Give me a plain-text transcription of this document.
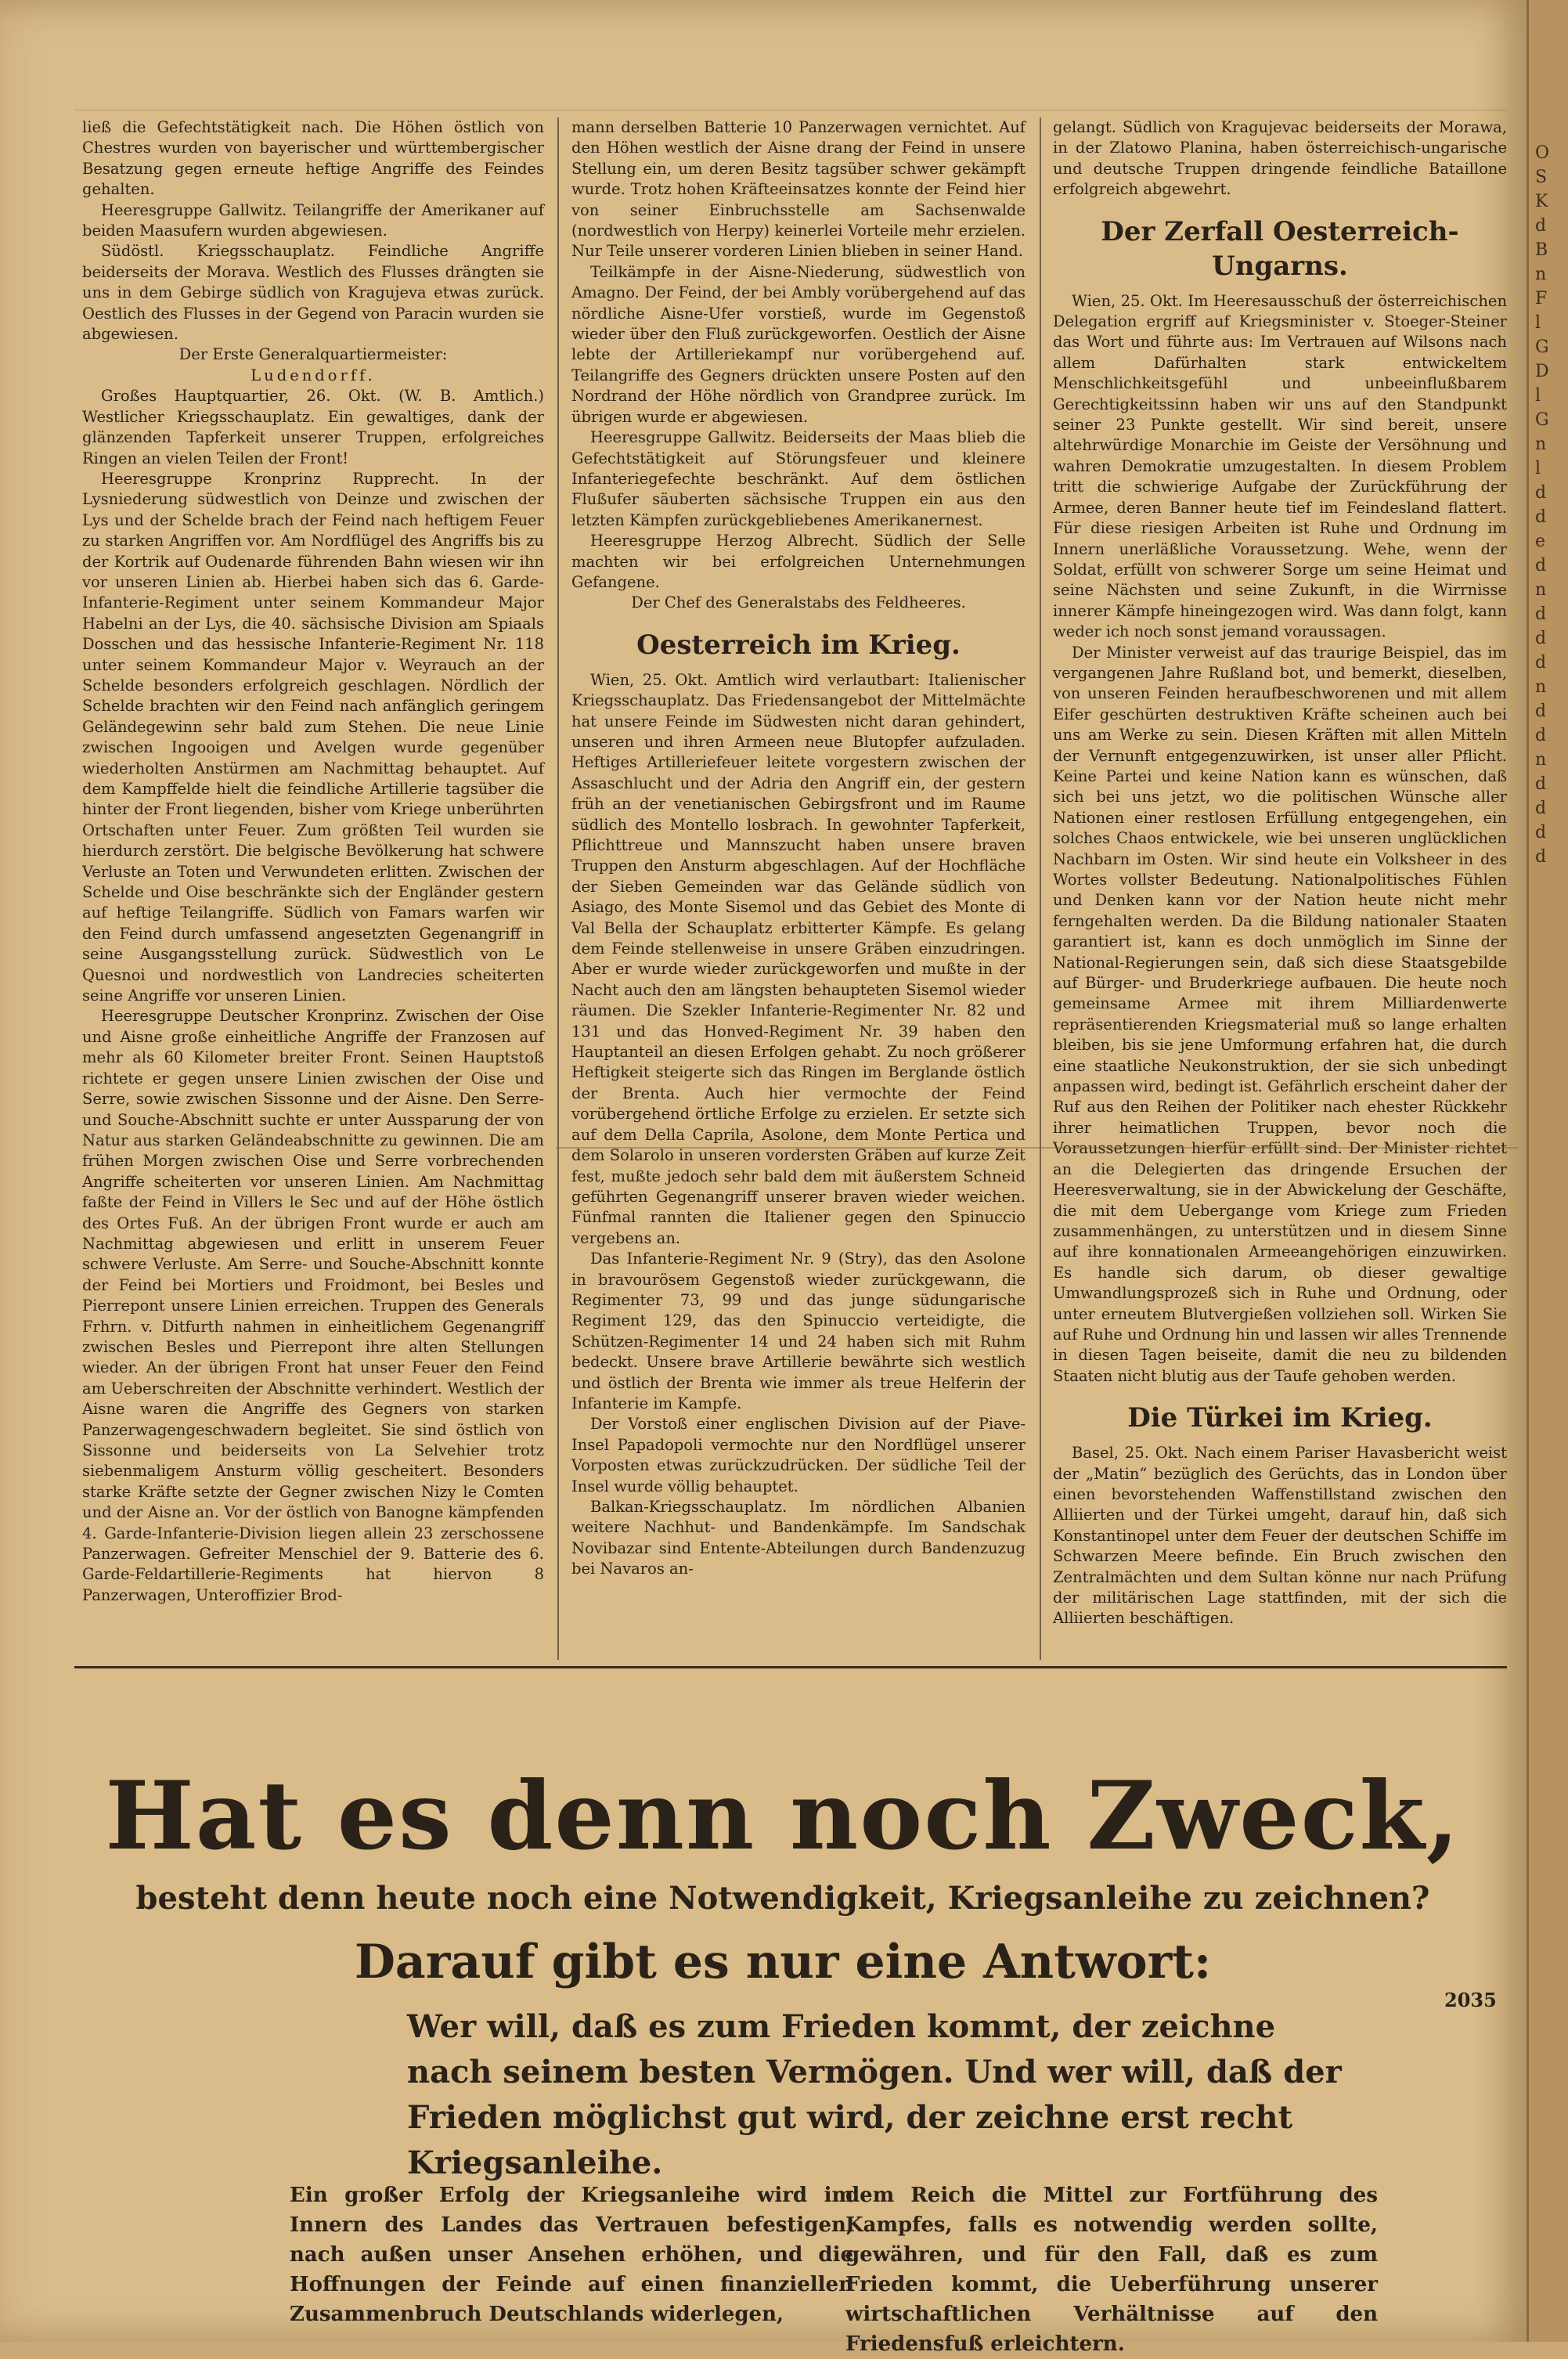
ließ die Gefechtstätigkeit nach. Die Höhen östlich von Chestres wurden von bayerischer und württembergischer Besatzung gegen erneute heftige Angriffe des Feindes gehalten.

Heeresgruppe Gallwitz. Teilangriffe der Amerikaner auf beiden Maasufern wurden abgewiesen.

Südöstl. Kriegsschauplatz. Feindliche Angriffe beiderseits der Morava. Westlich des Flusses drängten sie uns in dem Gebirge südlich von Kragujeva etwas zurück. Oestlich des Flusses in der Gegend von Paracin wurden sie abgewiesen.

Der Erste Generalquartiermeister:

Ludendorff.

Großes Hauptquartier, 26. Okt. (W. B. Amtlich.) Westlicher Kriegsschauplatz. Ein gewaltiges, dank der glänzenden Tapferkeit unserer Truppen, erfolgreiches Ringen an vielen Teilen der Front!

Heeresgruppe Kronprinz Rupprecht. In der Lysniederung südwestlich von Deinze und zwischen der Lys und der Schelde brach der Feind nach heftigem Feuer zu starken Angriffen vor. Am Nordflügel des Angriffs bis zu der Kortrik auf Oudenarde führenden Bahn wiesen wir ihn vor unseren Linien ab. Hierbei haben sich das 6. Garde-Infanterie-Regiment unter seinem Kommandeur Major Habelni an der Lys, die 40. sächsische Division am Spiaals Dosschen und das hessische Infanterie-Regiment Nr. 118 unter seinem Kommandeur Major v. Weyrauch an der Schelde besonders erfolgreich geschlagen. Nördlich der Schelde brachten wir den Feind nach anfänglich geringem Geländegewinn sehr bald zum Stehen. Die neue Linie zwischen Ingooigen und Avelgen wurde gegenüber wiederholten Anstürmen am Nachmittag behauptet. Auf dem Kampffelde hielt die feindliche Artillerie tagsüber die hinter der Front liegenden, bisher vom Kriege unberührten Ortschaften unter Feuer. Zum größten Teil wurden sie hierdurch zerstört. Die belgische Bevölkerung hat schwere Verluste an Toten und Verwundeten erlitten. Zwischen der Schelde und Oise beschränkte sich der Engländer gestern auf heftige Teilangriffe. Südlich von Famars warfen wir den Feind durch umfassend angesetzten Gegenangriff in seine Ausgangsstellung zurück. Südwestlich von Le Quesnoi und nordwestlich von Landrecies scheiterten seine Angriffe vor unseren Linien.

Heeresgruppe Deutscher Kronprinz. Zwischen der Oise und Aisne große einheitliche Angriffe der Franzosen auf mehr als 60 Kilometer breiter Front. Seinen Hauptstoß richtete er gegen unsere Linien zwischen der Oise und Serre, sowie zwischen Sissonne und der Aisne. Den Serre- und Souche-Abschnitt suchte er unter Aussparung der von Natur aus starken Geländeabschnitte zu gewinnen. Die am frühen Morgen zwischen Oise und Serre vorbrechenden Angriffe scheiterten vor unseren Linien. Am Nachmittag faßte der Feind in Villers le Sec und auf der Höhe östlich des Ortes Fuß. An der übrigen Front wurde er auch am Nachmittag abgewiesen und erlitt in unserem Feuer schwere Verluste. Am Serre- und Souche-Abschnitt konnte der Feind bei Mortiers und Froidmont, bei Besles und Pierrepont unsere Linien erreichen. Truppen des Generals Frhrn. v. Ditfurth nahmen in einheitlichem Gegenangriff zwischen Besles und Pierrepont ihre alten Stellungen wieder. An der übrigen Front hat unser Feuer den Feind am Ueberschreiten der Abschnitte verhindert. Westlich der Aisne waren die Angriffe des Gegners von starken Panzerwagengeschwadern begleitet. Sie sind östlich von Sissonne und beiderseits von La Selvehier trotz siebenmaligem Ansturm völlig gescheitert. Besonders starke Kräfte setzte der Gegner zwischen Nizy le Comten und der Aisne an. Vor der östlich von Banogne kämpfenden 4. Garde-Infanterie-Division liegen allein 23 zerschossene Panzerwagen. Gefreiter Menschiel der 9. Batterie des 6. Garde-Feldartillerie-Regiments hat hiervon 8 Panzerwagen, Unteroffizier Brod-

mann derselben Batterie 10 Panzerwagen vernichtet. Auf den Höhen westlich der Aisne drang der Feind in unsere Stellung ein, um deren Besitz tagsüber schwer gekämpft wurde. Trotz hohen Kräfteeinsatzes konnte der Feind hier von seiner Einbruchsstelle am Sachsenwalde (nordwestlich von Herpy) keinerlei Vorteile mehr erzielen. Nur Teile unserer vorderen Linien blieben in seiner Hand.

Teilkämpfe in der Aisne-Niederung, südwestlich von Amagno. Der Feind, der bei Ambly vorübergehend auf das nördliche Aisne-Ufer vorstieß, wurde im Gegenstoß wieder über den Fluß zurückgeworfen. Oestlich der Aisne lebte der Artilleriekampf nur vorübergehend auf. Teilangriffe des Gegners drückten unsere Posten auf den Nordrand der Höhe nördlich von Grandpree zurück. Im übrigen wurde er abgewiesen.

Heeresgruppe Gallwitz. Beiderseits der Maas blieb die Gefechtstätigkeit auf Störungsfeuer und kleinere Infanteriegefechte beschränkt. Auf dem östlichen Flußufer säuberten sächsische Truppen ein aus den letzten Kämpfen zurückgebliebenes Amerikanernest.

Heeresgruppe Herzog Albrecht. Südlich der Selle machten wir bei erfolgreichen Unternehmungen Gefangene.

Der Chef des Generalstabs des Feldheeres.

Oesterreich im Krieg.

Wien, 25. Okt. Amtlich wird verlautbart: Italienischer Kriegsschauplatz. Das Friedensangebot der Mittelmächte hat unsere Feinde im Südwesten nicht daran gehindert, unseren und ihren Armeen neue Blutopfer aufzuladen. Heftiges Artilleriefeuer leitete vorgestern zwischen der Assaschlucht und der Adria den Angriff ein, der gestern früh an der venetianischen Gebirgsfront und im Raume südlich des Montello losbrach. In gewohnter Tapferkeit, Pflichttreue und Mannszucht haben unsere braven Truppen den Ansturm abgeschlagen. Auf der Hochfläche der Sieben Gemeinden war das Gelände südlich von Asiago, des Monte Sisemol und das Gebiet des Monte di Val Bella der Schauplatz erbitterter Kämpfe. Es gelang dem Feinde stellenweise in unsere Gräben einzudringen. Aber er wurde wieder zurückgeworfen und mußte in der Nacht auch den am längsten behaupteten Sisemol wieder räumen. Die Szekler Infanterie-Regimenter Nr. 82 und 131 und das Honved-Regiment Nr. 39 haben den Hauptanteil an diesen Erfolgen gehabt. Zu noch größerer Heftigkeit steigerte sich das Ringen im Berglande östlich der Brenta. Auch hier vermochte der Feind vorübergehend örtliche Erfolge zu erzielen. Er setzte sich auf dem Della Caprila, Asolone, dem Monte Pertica und dem Solarolo in unseren vordersten Gräben auf kurze Zeit fest, mußte jedoch sehr bald dem mit äußerstem Schneid geführten Gegenangriff unserer braven wieder weichen. Fünfmal rannten die Italiener gegen den Spinuccio vergebens an.

Das Infanterie-Regiment Nr. 9 (Stry), das den Asolone in bravourösem Gegenstoß wieder zurückgewann, die Regimenter 73, 99 und das junge südungarische Regiment 129, das den Spinuccio verteidigte, die Schützen-Regimenter 14 und 24 haben sich mit Ruhm bedeckt. Unsere brave Artillerie bewährte sich westlich und östlich der Brenta wie immer als treue Helferin der Infanterie im Kampfe.

Der Vorstoß einer englischen Division auf der Piave-Insel Papadopoli vermochte nur den Nordflügel unserer Vorposten etwas zurückzudrücken. Der südliche Teil der Insel wurde völlig behauptet.

Balkan-Kriegsschauplatz. Im nördlichen Albanien weitere Nachhut- und Bandenkämpfe. Im Sandschak Novibazar sind Entente-Abteilungen durch Bandenzuzug bei Navaros an-

gelangt. Südlich von Kragujevac beiderseits der Morawa, in der Zlatowo Planina, haben österreichisch-ungarische und deutsche Truppen dringende feindliche Bataillone erfolgreich abgewehrt.

Der Zerfall Oesterreich-Ungarns.

Wien, 25. Okt. Im Heeresausschuß der österreichischen Delegation ergriff auf Kriegsminister v. Stoeger-Steiner das Wort und führte aus: Im Vertrauen auf Wilsons nach allem Dafürhalten stark entwickeltem Menschlichkeitsgefühl und unbeeinflußbarem Gerechtigkeitssinn haben wir uns auf den Standpunkt seiner 23 Punkte gestellt. Wir sind bereit, unsere altehrwürdige Monarchie im Geiste der Versöhnung und wahren Demokratie umzugestalten. In diesem Problem tritt die schwierige Aufgabe der Zurückführung der Armee, deren Banner heute tief im Feindesland flattert. Für diese riesigen Arbeiten ist Ruhe und Ordnung im Innern unerläßliche Voraussetzung. Wehe, wenn der Soldat, erfüllt von schwerer Sorge um seine Heimat und seine Nächsten und seine Zukunft, in die Wirrnisse innerer Kämpfe hineingezogen wird. Was dann folgt, kann weder ich noch sonst jemand voraussagen.

Der Minister verweist auf das traurige Beispiel, das im vergangenen Jahre Rußland bot, und bemerkt, dieselben, von unseren Feinden heraufbeschworenen und mit allem Eifer geschürten destruktiven Kräfte scheinen auch bei uns am Werke zu sein. Diesen Kräften mit allen Mitteln der Vernunft entgegenzuwirken, ist unser aller Pflicht. Keine Partei und keine Nation kann es wünschen, daß sich bei uns jetzt, wo die politischen Wünsche aller Nationen einer restlosen Erfüllung entgegengehen, ein solches Chaos entwickele, wie bei unseren unglücklichen Nachbarn im Osten. Wir sind heute ein Volksheer in des Wortes vollster Bedeutung. Nationalpolitisches Fühlen und Denken kann vor der Nation heute nicht mehr ferngehalten werden. Da die Bildung nationaler Staaten garantiert ist, kann es doch unmöglich im Sinne der National-Regierungen sein, daß sich diese Staatsgebilde auf Bürger- und Bruderkriege aufbauen. Die heute noch gemeinsame Armee mit ihrem Milliardenwerte repräsentierenden Kriegsmaterial muß so lange erhalten bleiben, bis sie jene Umformung erfahren hat, die durch eine staatliche Neukonstruktion, der sie sich unbedingt anpassen wird, bedingt ist. Gefährlich erscheint daher der Ruf aus den Reihen der Politiker nach ehester Rückkehr ihrer heimatlichen Truppen, bevor noch die Voraussetzungen hierfür erfüllt sind. Der Minister richtet an die Delegierten das dringende Ersuchen der Heeresverwaltung, sie in der Abwickelung der Geschäfte, die mit dem Uebergange vom Kriege zum Frieden zusammenhängen, zu unterstützen und in diesem Sinne auf ihre konnationalen Armeeangehörigen einzuwirken. Es handle sich darum, ob dieser gewaltige Umwandlungsprozeß sich in Ruhe und Ordnung, oder unter erneutem Blutvergießen vollziehen soll. Wirken Sie auf Ruhe und Ordnung hin und lassen wir alles Trennende in diesen Tagen beiseite, damit die neu zu bildenden Staaten nicht blutig aus der Taufe gehoben werden.

Die Türkei im Krieg.

Basel, 25. Okt. Nach einem Pariser Havasbericht weist der „Matin“ bezüglich des Gerüchts, das in London über einen bevorstehenden Waffenstillstand zwischen den Alliierten und der Türkei umgeht, darauf hin, daß sich Konstantinopel unter dem Feuer der deutschen Schiffe im Schwarzen Meere befinde. Ein Bruch zwischen den Zentralmächten und dem Sultan könne nur nach Prüfung der militärischen Lage stattfinden, mit der sich die Alliierten beschäftigen.

Hat es denn noch Zweck,
besteht denn heute noch eine Notwendigkeit, Kriegsanleihe zu zeichnen?
Darauf gibt es nur eine Antwort:
Wer will, daß es zum Frieden kommt, der zeichne nach seinem besten Vermögen. Und wer will, daß der Frieden möglichst gut wird, der zeichne erst recht Kriegsanleihe.
2035
Ein großer Erfolg der Kriegsanleihe wird im Innern des Landes das Vertrauen befestigen, nach außen unser Ansehen erhöhen, und die Hoffnungen der Feinde auf einen finanziellen Zusammenbruch Deutschlands widerlegen,
dem Reich die Mittel zur Fortführung des Kampfes, falls es notwendig werden sollte, gewähren, und für den Fall, daß es zum Frieden kommt, die Ueberführung unserer wirtschaftlichen Verhältnisse auf den Friedensfuß erleichtern.
O
S
K
d
B
n
F
l
G
D
l
G
n
l
d
d
e
d
n
d
d
d
n
d
d
n
d
d
d
d
